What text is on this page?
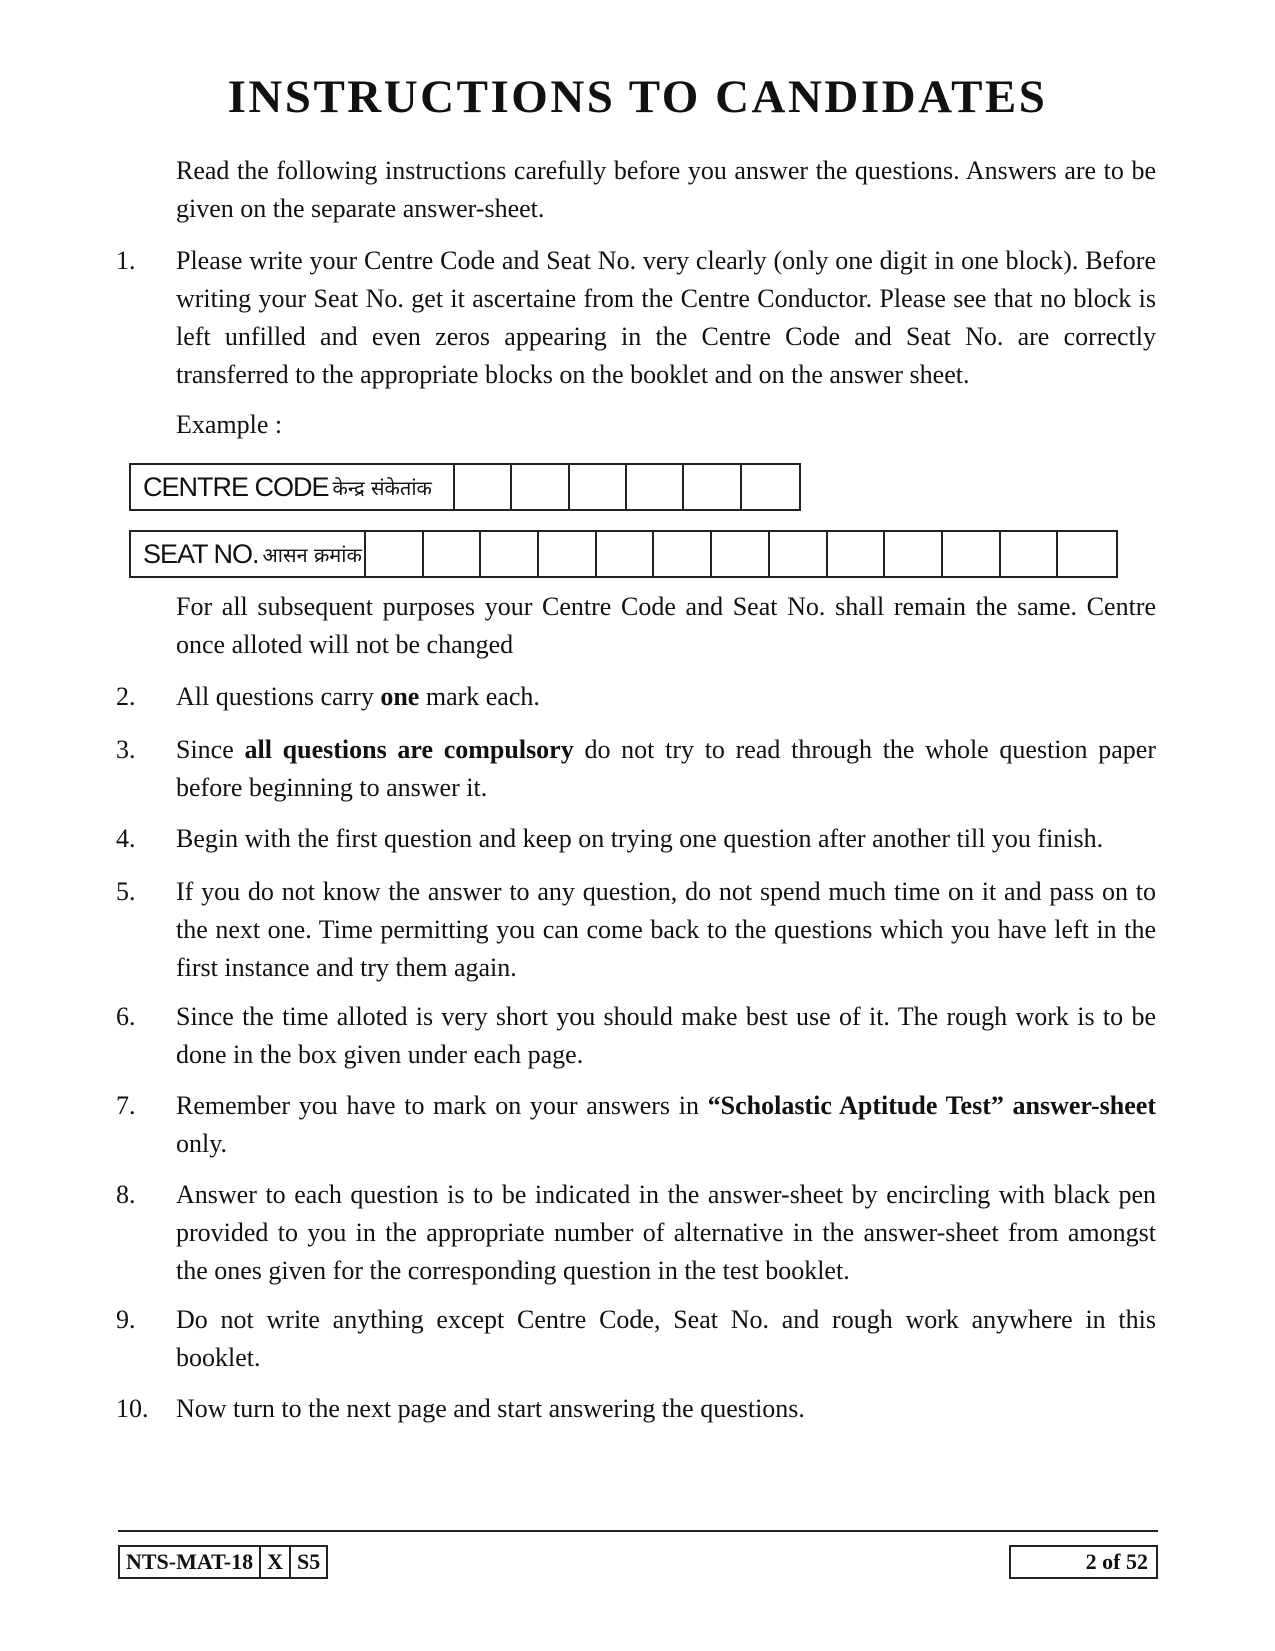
INSTRUCTIONS TO CANDIDATES

Read the following instructions carefully before you answer the questions. Answers are to be given on the separate answer-sheet.

1. Please write your Centre Code and Seat No. very clearly (only one digit in one block). Before writing your Seat No. get it ascertaine from the Centre Conductor. Please see that no block is left unfilled and even zeros appearing in the Centre Code and Seat No. are correctly transferred to the appropriate blocks on the booklet and on the answer sheet.

Example :

CENTRE CODE केन्द्र संकेतांक
SEAT NO. आसन क्रमांक

For all subsequent purposes your Centre Code and Seat No. shall remain the same. Centre once alloted will not be changed

2. All questions carry one mark each.
3. Since all questions are compulsory do not try to read through the whole question paper before beginning to answer it.
4. Begin with the first question and keep on trying one question after another till you finish.
5. If you do not know the answer to any question, do not spend much time on it and pass on to the next one. Time permitting you can come back to the questions which you have left in the first instance and try them again.
6. Since the time alloted is very short you should make best use of it. The rough work is to be done in the box given under each page.
7. Remember you have to mark on your answers in “Scholastic Aptitude Test” answer-sheet only.
8. Answer to each question is to be indicated in the answer-sheet by encircling with black pen provided to you in the appropriate number of alternative in the answer-sheet from amongst the ones given for the corresponding question in the test booklet.
9. Do not write anything except Centre Code, Seat No. and rough work anywhere in this booklet.
10. Now turn to the next page and start answering the questions.
NTS-MAT-18 X S5	2 of 52
